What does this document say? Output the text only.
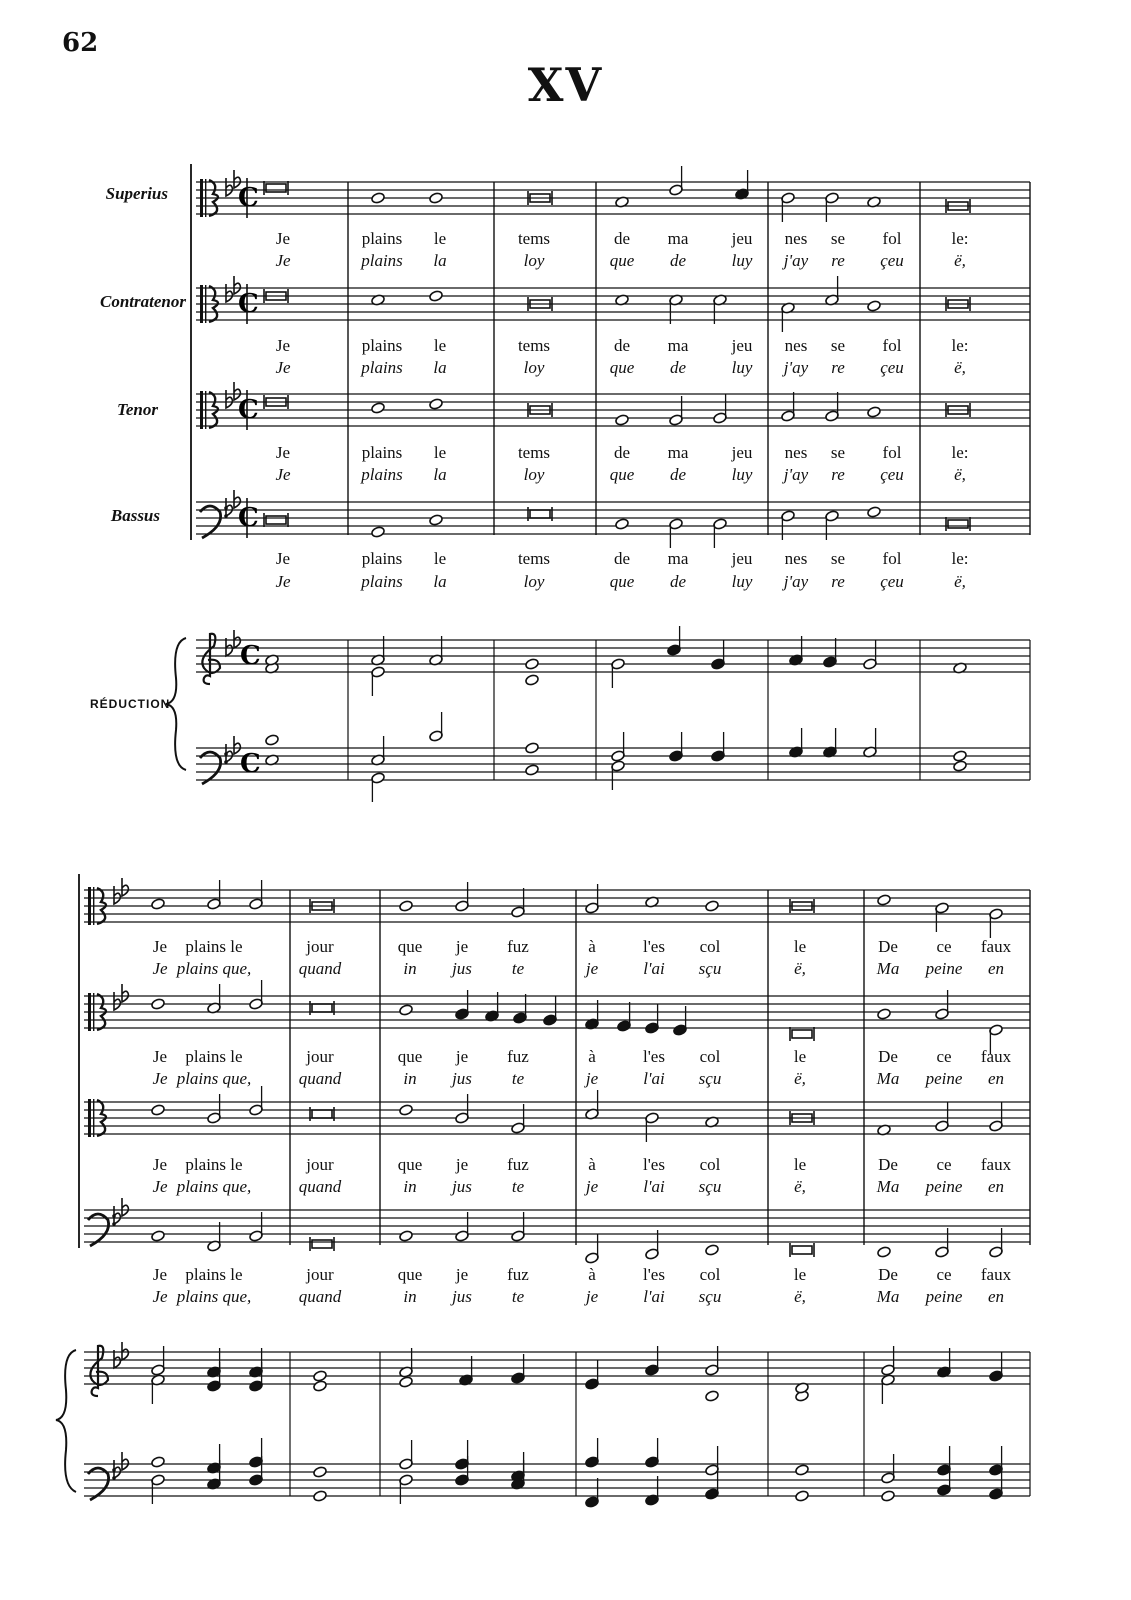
62
XV
Superius
Contratenor
Tenor
Bassus
RÉDUCTION
C
C
C
C
Je	plains le	tems	de ma	jeu nes se fol	le:
Je	plains la	loy	que de	luy j'ay re çeu	ë,
Je	plains le	tems	de ma	jeu nes se fol	le:
Je	plains la	loy	que de	luy j'ay re çeu	ë,
Je	plains le	tems	de ma	jeu nes se fol	le:
Je	plains la	loy	que de	luy j'ay re çeu	ë,
Je	plains le	tems	de ma	jeu nes se fol	le:
Je	plains la	loy	que de	luy j'ay re çeu	ë,
C
C
Je plains le	jour	que je fuz	à	l'es col	le	De ce faux
Je plains que,	quand	in jus te	je	l'ai sçu	ë,	Ma peine en
Je plains le	jour	que je fuz	à	l'es col	le	De ce faux
Je plains que,	quand	in jus te	je	l'ai sçu	ë,	Ma peine en
Je plains le	jour	que je fuz	à	l'es col	le	De ce faux
Je plains que,	quand	in jus te	je	l'ai sçu	ë,	Ma peine en
Je plains le	jour	que je fuz	à	l'es col	le	De ce faux
Je plains que,	quand	in jus te	je	l'ai sçu	ë,	Ma peine en
